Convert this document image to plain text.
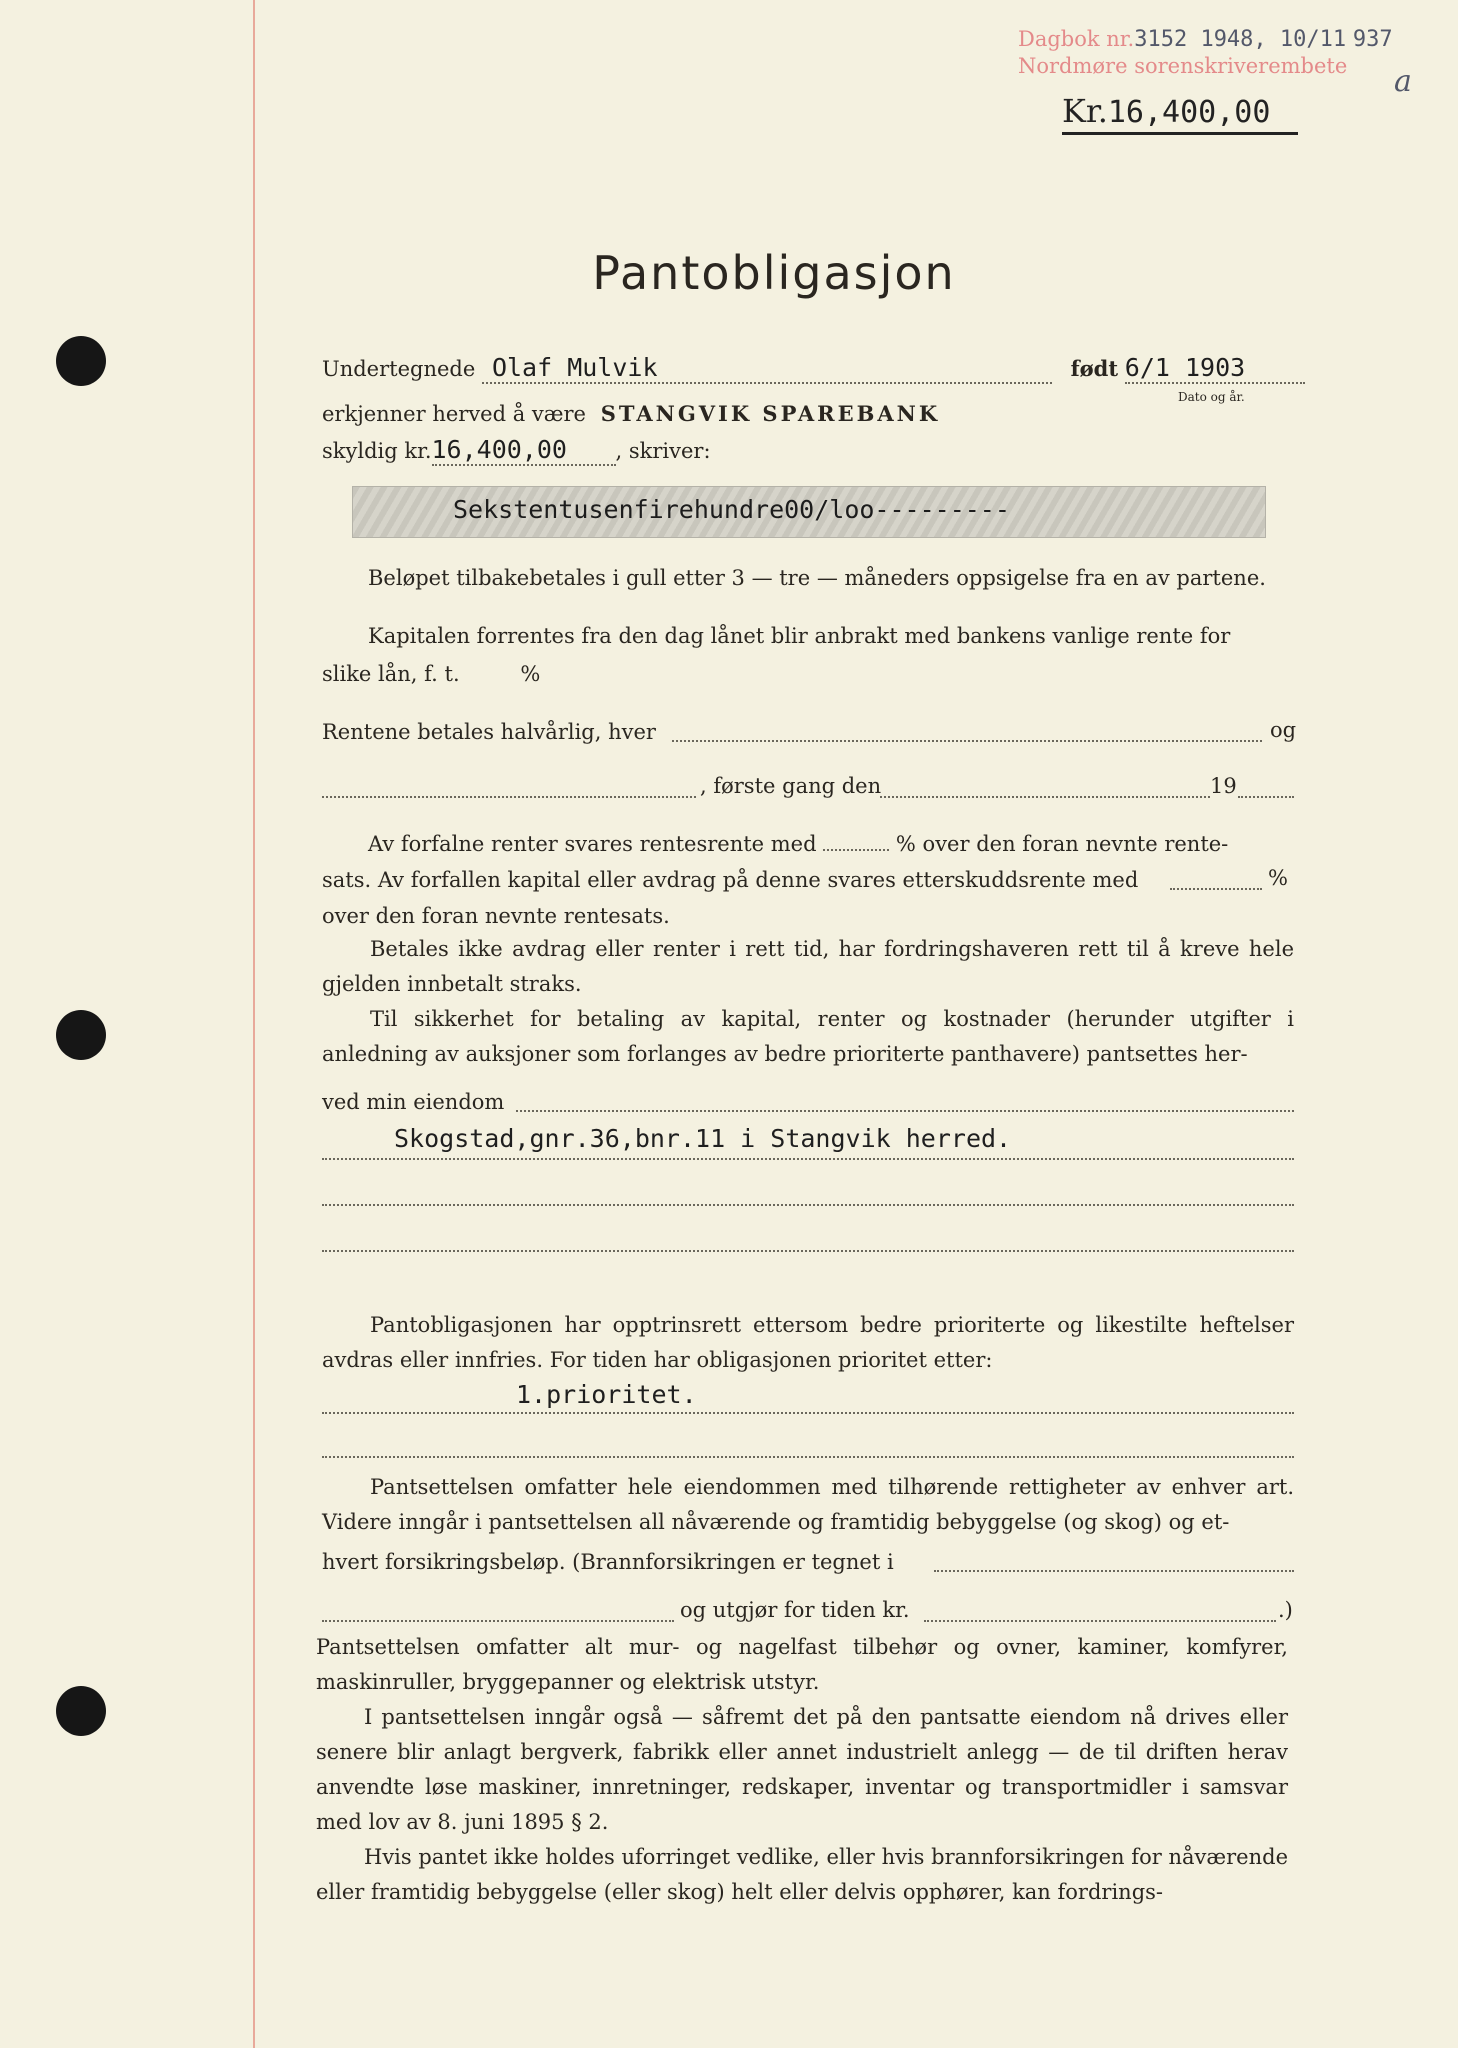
Dagbok nr.3152 1948, 10/11 937
Nordmøre sorenskriverembete	a
Kr.16,400,00
Pantobligasjon
Undertegnede Olaf Mulvik	født 6/1 1903
Dato og år.
erkjenner herved å være STANGVIK SPAREBANK
skyldig kr.16,400,00 , skriver:
Sekstentusenfirehundre00/loo---------
Beløpet tilbakebetales i gull etter 3 — tre — måneders oppsigelse fra en av partene.
Kapitalen forrentes fra den dag lånet blir anbrakt med bankens vanlige rente for
slike lån, f. t.	%
Rentene betales halvårlig, hver	og
, første gang den	19
Av forfalne renter svares rentesrente med	% over den foran nevnte rente-
sats. Av forfallen kapital eller avdrag på denne svares etterskuddsrente med	%
over den foran nevnte rentesats.

Betales ikke avdrag eller renter i rett tid, har fordringshaveren rett til å kreve hele gjelden innbetalt straks.

Til sikkerhet for betaling av kapital, renter og kostnader (herunder utgifter i anledning av auksjoner som forlanges av bedre prioriterte panthavere) pantsettes her-

ved min eiendom
Skogstad,gnr.36,bnr.11 i Stangvik herred.

Pantobligasjonen har opptrinsrett ettersom bedre prioriterte og likestilte heftelser avdras eller innfries. For tiden har obligasjonen prioritet etter:

1.prioritet.

Pantsettelsen omfatter hele eiendommen med tilhørende rettigheter av enhver art. Videre inngår i pantsettelsen all nåværende og framtidig bebyggelse (og skog) og et-

hvert forsikringsbeløp. (Brannforsikringen er tegnet i
og utgjør for tiden kr.	.)

Pantsettelsen omfatter alt mur- og nagelfast tilbehør og ovner, kaminer, komfyrer, maskinruller, bryggepanner og elektrisk utstyr.

I pantsettelsen inngår også — såfremt det på den pantsatte eiendom nå drives eller senere blir anlagt bergverk, fabrikk eller annet industrielt anlegg — de til driften herav anvendte løse maskiner, innretninger, redskaper, inventar og transportmidler i samsvar med lov av 8. juni 1895 § 2.

Hvis pantet ikke holdes uforringet vedlike, eller hvis brannforsikringen for nåværende eller framtidig bebyggelse (eller skog) helt eller delvis opphører, kan fordrings-
